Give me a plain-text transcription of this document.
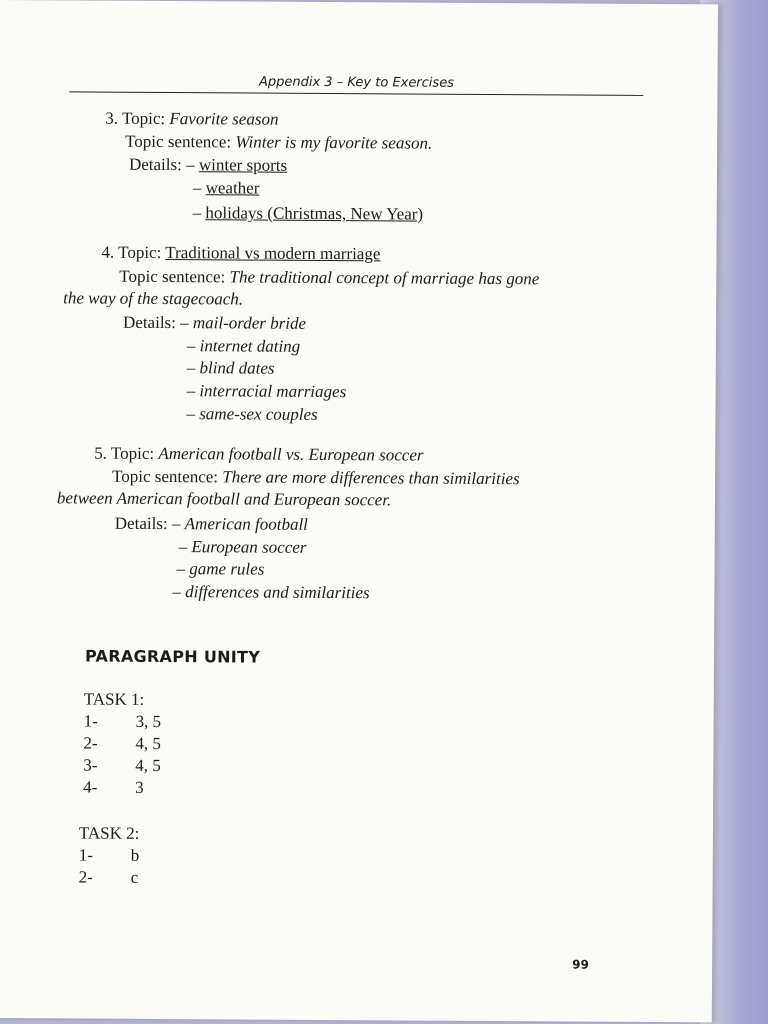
Appendix 3 – Key to Exercises
3. Topic: Favorite season
Topic sentence: Winter is my favorite season.
Details: – winter sports
– weather
– holidays (Christmas, New Year)
4. Topic: Traditional vs modern marriage
Topic sentence: The traditional concept of marriage has gone
the way of the stagecoach.
Details: – mail-order bride
– internet dating
– blind dates
– interracial marriages
– same-sex couples
5. Topic: American football vs. European soccer
Topic sentence: There are more differences than similarities
between American football and European soccer.
Details: – American football
– European soccer
– game rules
– differences and similarities
PARAGRAPH UNITY
TASK 1:
1- 3, 5
2- 4, 5
3- 4, 5
4- 3
TASK 2:
1- b
2- c
99
